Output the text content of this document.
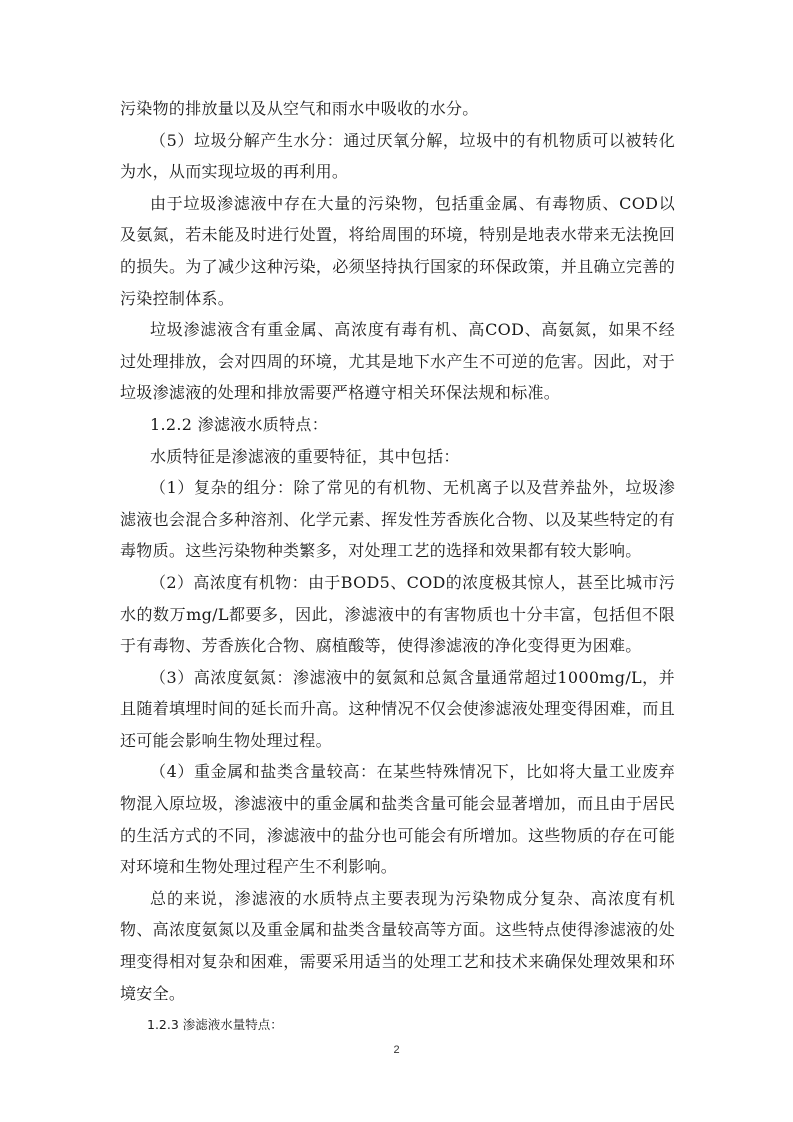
污染物的排放量以及从空气和雨水中吸收的水分。

（5）垃圾分解产生水分：通过厌氧分解，垃圾中的有机物质可以被转化为水，从而实现垃圾的再利用。

由于垃圾渗滤液中存在大量的污染物，包括重金属、有毒物质、COD以及氨氮，若未能及时进行处置，将给周围的环境，特别是地表水带来无法挽回的损失。为了减少这种污染，必须坚持执行国家的环保政策，并且确立完善的污染控制体系。

垃圾渗滤液含有重金属、高浓度有毒有机、高COD、高氨氮，如果不经过处理排放，会对四周的环境，尤其是地下水产生不可逆的危害。因此，对于垃圾渗滤液的处理和排放需要严格遵守相关环保法规和标准。

1.2.2 渗滤液水质特点：

水质特征是渗滤液的重要特征，其中包括：

（1）复杂的组分：除了常见的有机物、无机离子以及营养盐外，垃圾渗滤液也会混合多种溶剂、化学元素、挥发性芳香族化合物、以及某些特定的有毒物质。这些污染物种类繁多，对处理工艺的选择和效果都有较大影响。

（2）高浓度有机物：由于BOD5、COD的浓度极其惊人，甚至比城市污水的数万mg/L都要多，因此，渗滤液中的有害物质也十分丰富，包括但不限于有毒物、芳香族化合物、腐植酸等，使得渗滤液的净化变得更为困难。

（3）高浓度氨氮：渗滤液中的氨氮和总氮含量通常超过1000mg/L，并且随着填埋时间的延长而升高。这种情况不仅会使渗滤液处理变得困难，而且还可能会影响生物处理过程。

（4）重金属和盐类含量较高：在某些特殊情况下，比如将大量工业废弃物混入原垃圾，渗滤液中的重金属和盐类含量可能会显著增加，而且由于居民的生活方式的不同，渗滤液中的盐分也可能会有所增加。这些物质的存在可能对环境和生物处理过程产生不利影响。

总的来说，渗滤液的水质特点主要表现为污染物成分复杂、高浓度有机物、高浓度氨氮以及重金属和盐类含量较高等方面。这些特点使得渗滤液的处理变得相对复杂和困难，需要采用适当的处理工艺和技术来确保处理效果和环境安全。

1.2.3 渗滤液水量特点：

2
